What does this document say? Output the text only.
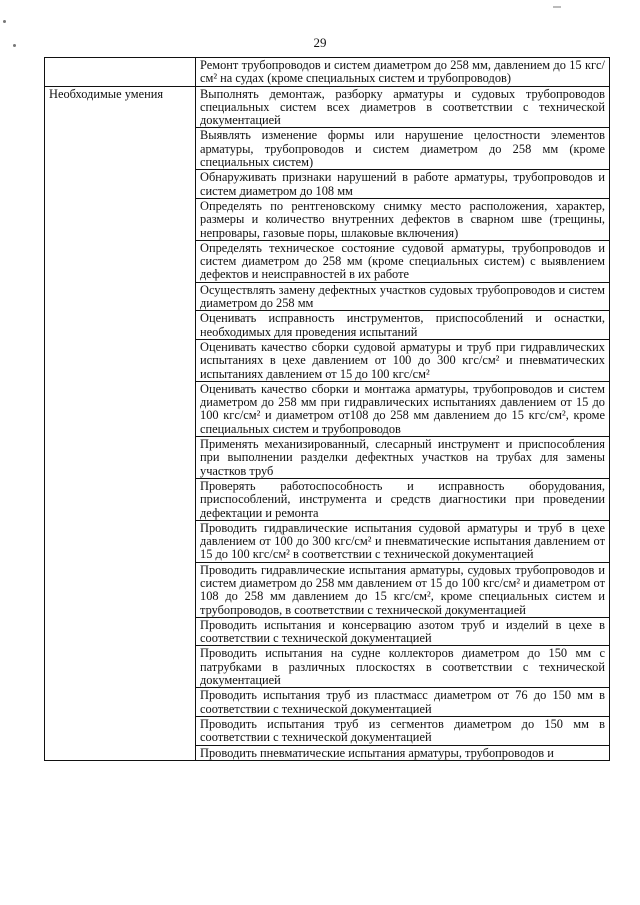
29
	Ремонт трубопроводов и систем диаметром до 258 мм, давлением до 15 кгс/см² на судах (кроме специальных систем и трубопроводов)
Необходимые умения	Выполнять демонтаж, разборку арматуры и судовых трубопроводов специальных систем всех диаметров в соответствии с технической документацией
	Выявлять изменение формы или нарушение целостности элементов арматуры, трубопроводов и систем диаметром до 258 мм (кроме специальных систем)
	Обнаруживать признаки нарушений в работе арматуры, трубопроводов и систем диаметром до 108 мм
	Определять по рентгеновскому снимку место расположения, характер, размеры и количество внутренних дефектов в сварном шве (трещины, непровары, газовые поры, шлаковые включения)
	Определять техническое состояние судовой арматуры, трубопроводов и систем диаметром до 258 мм (кроме специальных систем) с выявлением дефектов и неисправностей в их работе
	Осуществлять замену дефектных участков судовых трубопроводов и систем диаметром до 258 мм
	Оценивать исправность инструментов, приспособлений и оснастки, необходимых для проведения испытаний
	Оценивать качество сборки судовой арматуры и труб при гидравлических испытаниях в цехе давлением от 100 до 300 кгс/см² и пневматических испытаниях давлением от 15 до 100 кгс/см²
	Оценивать качество сборки и монтажа арматуры, трубопроводов и систем диаметром до 258 мм при гидравлических испытаниях давлением от 15 до 100 кгс/см² и диаметром от108 до 258 мм давлением до 15 кгс/см², кроме специальных систем и трубопроводов
	Применять механизированный, слесарный инструмент и приспособления при выполнении разделки дефектных участков на трубах для замены участков труб
	Проверять работоспособность и исправность оборудования, приспособлений, инструмента и средств диагностики при проведении дефектации и ремонта
	Проводить гидравлические испытания судовой арматуры и труб в цехе давлением от 100 до 300 кгс/см² и пневматические испытания давлением от 15 до 100 кгс/см² в соответствии с технической документацией
	Проводить гидравлические испытания арматуры, судовых трубопроводов и систем диаметром до 258 мм давлением от 15 до 100 кгс/см² и диаметром от 108 до 258 мм давлением до 15 кгс/см², кроме специальных систем и трубопроводов, в соответствии с технической документацией
	Проводить испытания и консервацию азотом труб и изделий в цехе в соответствии с технической документацией
	Проводить испытания на судне коллекторов диаметром до 150 мм с патрубками в различных плоскостях в соответствии с технической документацией
	Проводить испытания труб из пластмасс диаметром от 76 до 150 мм в соответствии с технической документацией
	Проводить испытания труб из сегментов диаметром до 150 мм в соответствии с технической документацией
	Проводить пневматические испытания арматуры, трубопроводов и
